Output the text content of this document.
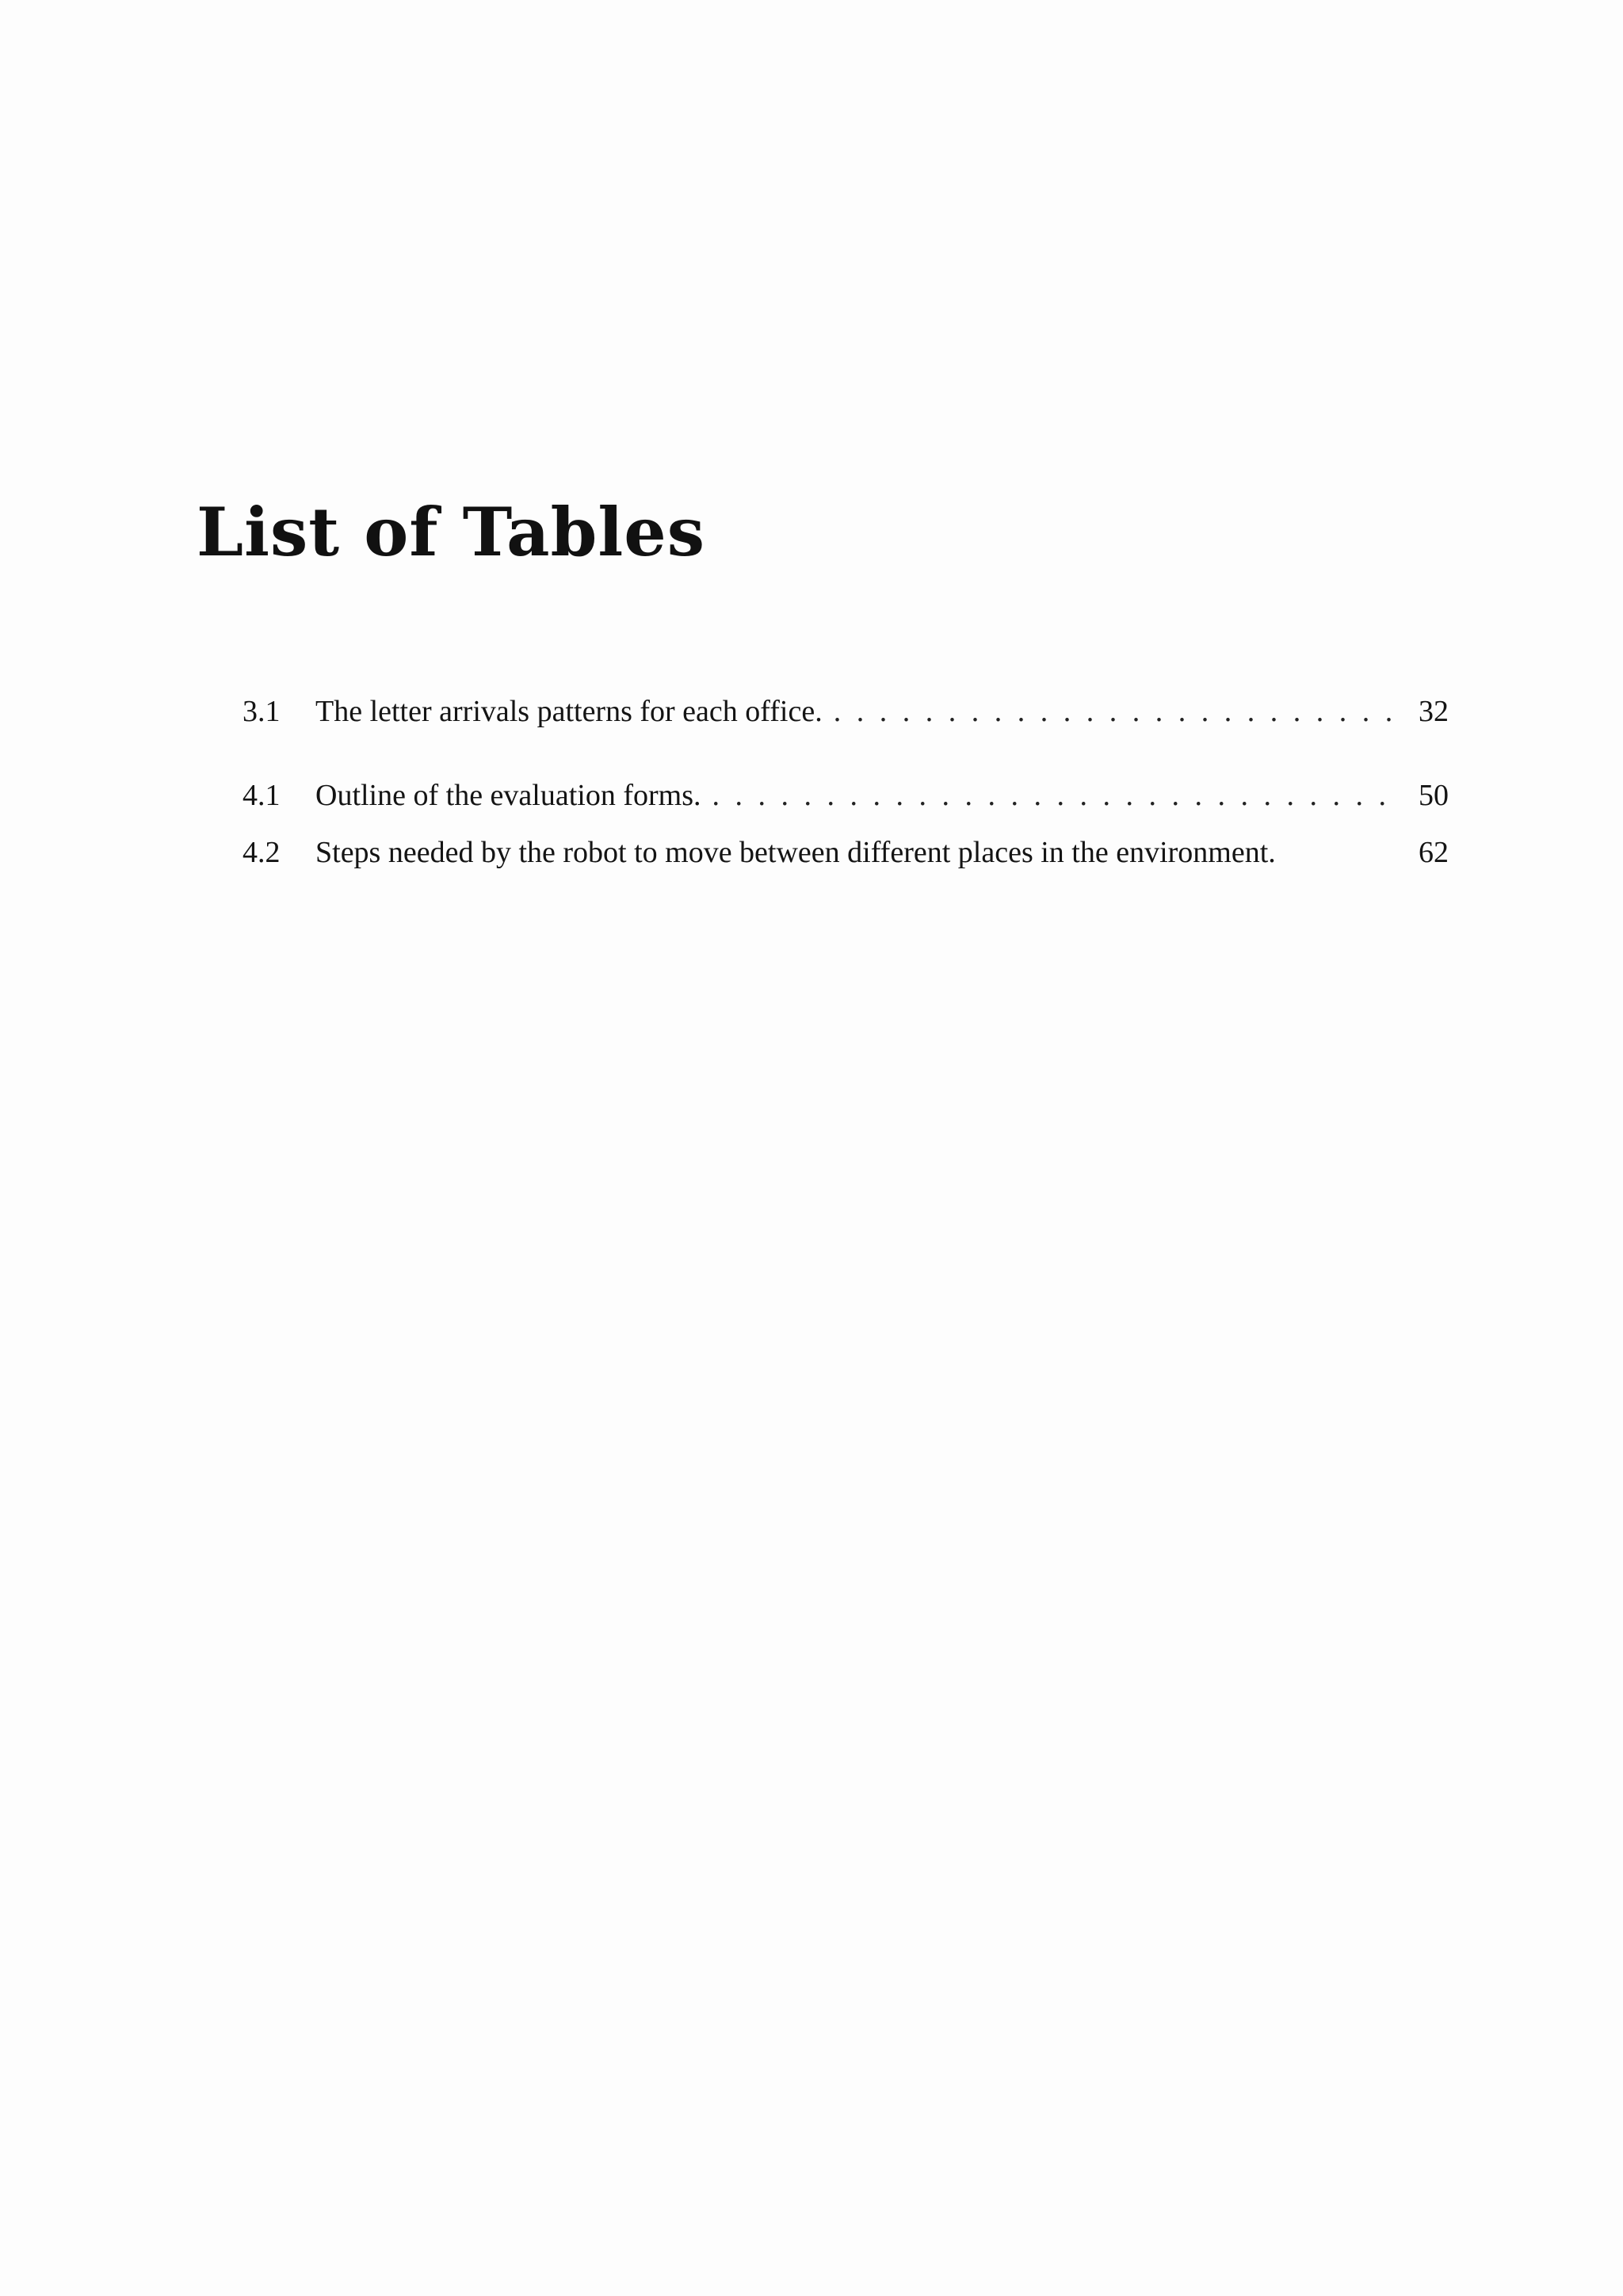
List of Tables
3.1	The letter arrivals patterns for each office. . . .	32
4.1	Outline of the evaluation forms. . . .	50
4.2	Steps needed by the robot to move between different places in the environment.	62
